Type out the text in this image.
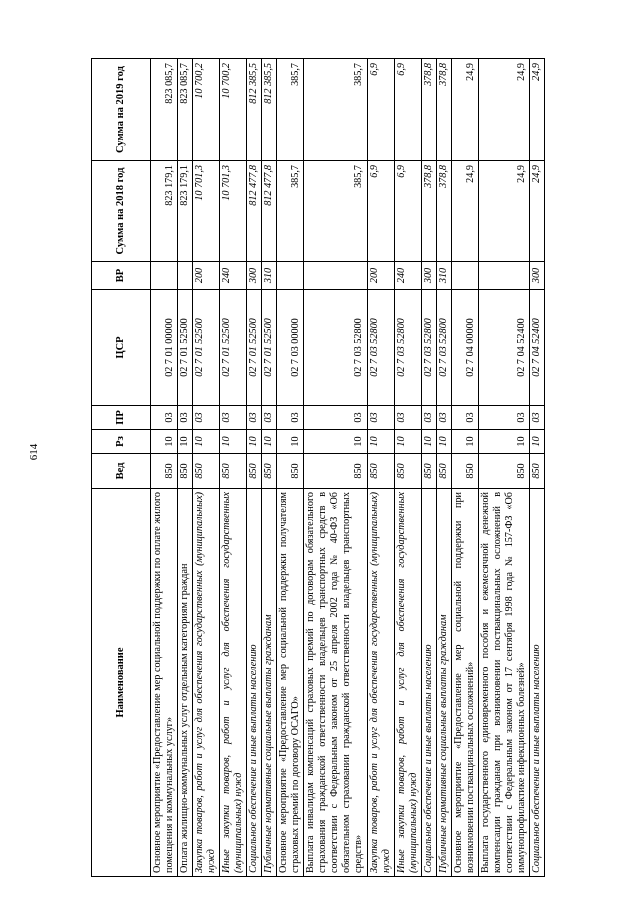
614
Наименование	Вед	Рз	ПР	ЦСР	ВР	Сумма на 2018 год	Сумма на 2019 год
Основное мероприятие «Предоставление мер социальной поддержки по оплате жилого помещения и коммунальных услуг»	850	10	03	02 7 01 00000		823 179,1	823 085,7
Оплата жилищно-коммунальных услуг отдельным категориям граждан	850	10	03	02 7 01 52500		823 179,1	823 085,7
Закупка товаров, работ и услуг для обеспечения государственных (муниципальных) нужд	850	10	03	02 7 01 52500	200	10 701,3	10 700,2
Иные закупки товаров, работ и услуг для обеспечения государственных (муниципальных) нужд	850	10	03	02 7 01 52500	240	10 701,3	10 700,2
Социальное обеспечение и иные выплаты населению	850	10	03	02 7 01 52500	300	812 477,8	812 385,5
Публичные нормативные социальные выплаты гражданам	850	10	03	02 7 01 52500	310	812 477,8	812 385,5
Основное мероприятие «Предоставление мер социальной поддержки получателям страховых премий по договору ОСАГО»	850	10	03	02 7 03 00000		385,7	385,7
Выплата инвалидам компенсаций страховых премий по договорам обязательного страхования гражданской ответственности владельцев транспортных средств в соответствии с Федеральным законом от 25 апреля 2002 года № 40-ФЗ «Об обязательном страховании гражданской ответственности владельцев транспортных средств»	850	10	03	02 7 03 52800		385,7	385,7
Закупка товаров, работ и услуг для обеспечения государственных (муниципальных) нужд	850	10	03	02 7 03 52800	200	6,9	6,9
Иные закупки товаров, работ и услуг для обеспечения государственных (муниципальных) нужд	850	10	03	02 7 03 52800	240	6,9	6,9
Социальное обеспечение и иные выплаты населению	850	10	03	02 7 03 52800	300	378,8	378,8
Публичные нормативные социальные выплаты гражданам	850	10	03	02 7 03 52800	310	378,8	378,8
Основное мероприятие «Предоставление мер социальной поддержки при возникновении поствакцинальных осложнений»	850	10	03	02 7 04 00000		24,9	24,9
Выплата государственного единовременного пособия и ежемесячной денежной компенсации гражданам при возникновении поствакцинальных осложнений в соответствии с Федеральным законом от 17 сентября 1998 года № 157-ФЗ «Об иммунопрофилактике инфекционных болезней»	850	10	03	02 7 04 52400		24,9	24,9
Социальное обеспечение и иные выплаты населению	850	10	03	02 7 04 52400	300	24,9	24,9
